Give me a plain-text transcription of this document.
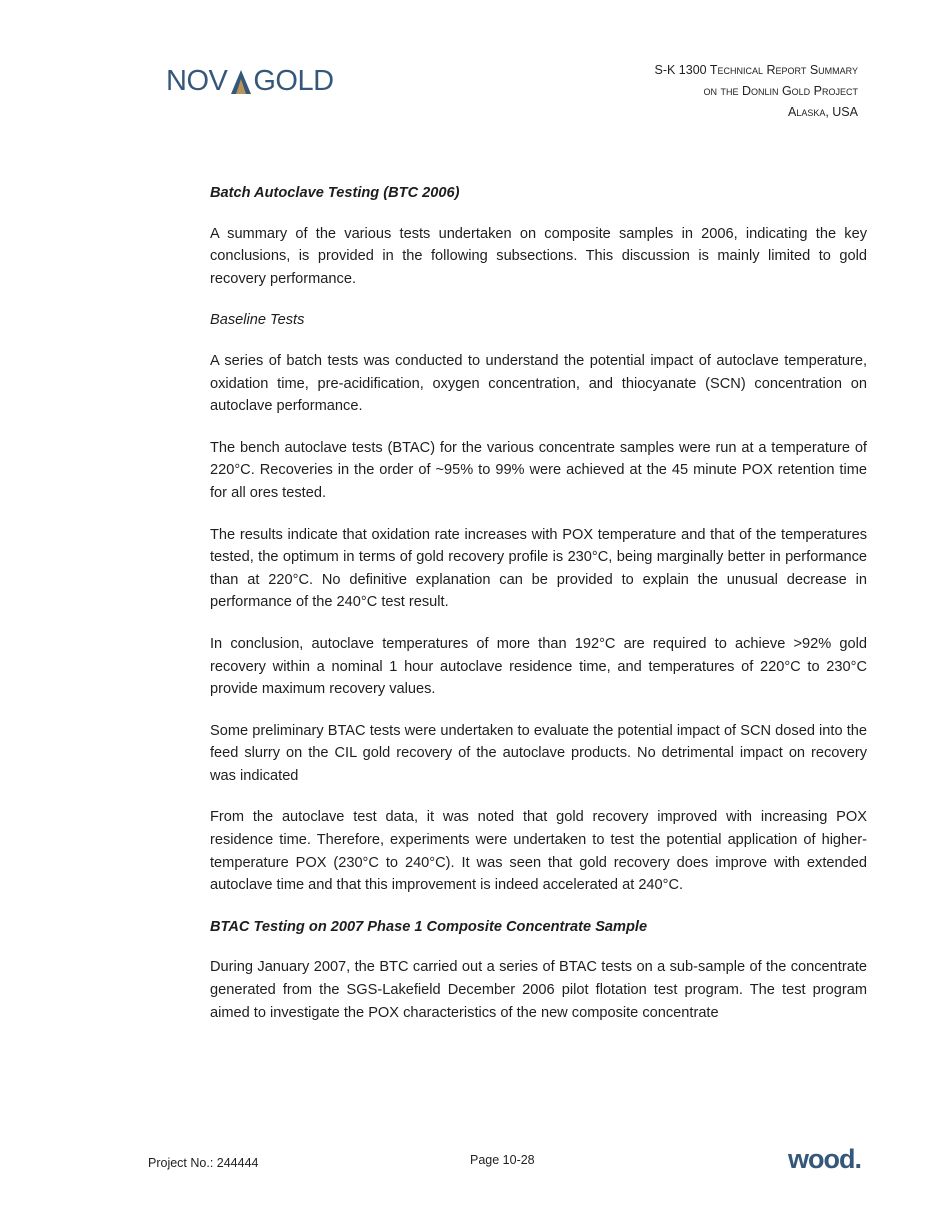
NOV GOLD	S-K 1300 Technical Report Summary
on the Donlin Gold Project
Alaska, USA
Batch Autoclave Testing (BTC 2006)

A summary of the various tests undertaken on composite samples in 2006, indicating the key conclusions, is provided in the following subsections. This discussion is mainly limited to gold recovery performance.

Baseline Tests

A series of batch tests was conducted to understand the potential impact of autoclave temperature, oxidation time, pre-acidification, oxygen concentration, and thiocyanate (SCN) concentration on autoclave performance.

The bench autoclave tests (BTAC) for the various concentrate samples were run at a temperature of 220°C. Recoveries in the order of ~95% to 99% were achieved at the 45 minute POX retention time for all ores tested.

The results indicate that oxidation rate increases with POX temperature and that of the temperatures tested, the optimum in terms of gold recovery profile is 230°C, being marginally better in performance than at 220°C. No definitive explanation can be provided to explain the unusual decrease in performance of the 240°C test result.

In conclusion, autoclave temperatures of more than 192°C are required to achieve >92% gold recovery within a nominal 1 hour autoclave residence time, and temperatures of 220°C to 230°C provide maximum recovery values.

Some preliminary BTAC tests were undertaken to evaluate the potential impact of SCN dosed into the feed slurry on the CIL gold recovery of the autoclave products. No detrimental impact on recovery was indicated

From the autoclave test data, it was noted that gold recovery improved with increasing POX residence time. Therefore, experiments were undertaken to test the potential application of higher-temperature POX (230°C to 240°C). It was seen that gold recovery does improve with extended autoclave time and that this improvement is indeed accelerated at 240°C.

BTAC Testing on 2007 Phase 1 Composite Concentrate Sample

During January 2007, the BTC carried out a series of BTAC tests on a sub-sample of the concentrate generated from the SGS-Lakefield December 2006 pilot flotation test program. The test program aimed to investigate the POX characteristics of the new composite concentrate

Project No.: 244444	Page 10-28	wood.
